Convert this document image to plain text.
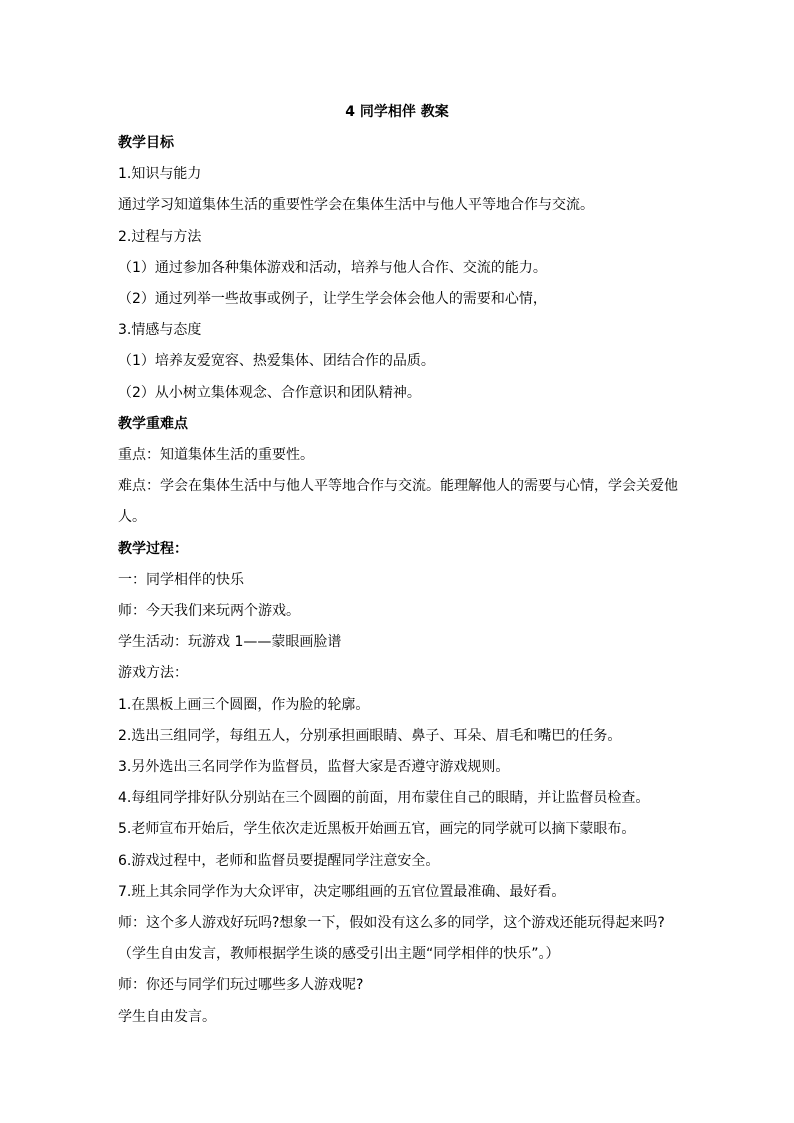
4 同学相伴 教案

教学目标

1.知识与能力

通过学习知道集体生活的重要性学会在集体生活中与他人平等地合作与交流。

2.过程与方法

（1）通过参加各种集体游戏和活动，培养与他人合作、交流的能力。

（2）通过列举一些故事或例子，让学生学会体会他人的需要和心情，

3.情感与态度

（1）培养友爱宽容、热爱集体、团结合作的品质。

（2）从小树立集体观念、合作意识和团队精神。

教学重难点

重点：知道集体生活的重要性。

难点：学会在集体生活中与他人平等地合作与交流。能理解他人的需要与心情，学会关爱他

人。

教学过程：

一：同学相伴的快乐

师：今天我们来玩两个游戏。

学生活动：玩游戏 1——蒙眼画脸谱

游戏方法：

1.在黑板上画三个圆圈，作为脸的轮廓。

2.选出三组同学，每组五人，分别承担画眼睛、鼻子、耳朵、眉毛和嘴巴的任务。

3.另外选出三名同学作为监督员，监督大家是否遵守游戏规则。

4.每组同学排好队分别站在三个圆圈的前面，用布蒙住自己的眼睛，并让监督员检查。

5.老师宣布开始后，学生依次走近黑板开始画五官，画完的同学就可以摘下蒙眼布。

6.游戏过程中，老师和监督员要提醒同学注意安全。

7.班上其余同学作为大众评审，决定哪组画的五官位置最准确、最好看。

师：这个多人游戏好玩吗?想象一下，假如没有这么多的同学，这个游戏还能玩得起来吗?

（学生自由发言，教师根据学生谈的感受引出主题“同学相伴的快乐”。）

师：你还与同学们玩过哪些多人游戏呢?

学生自由发言。
